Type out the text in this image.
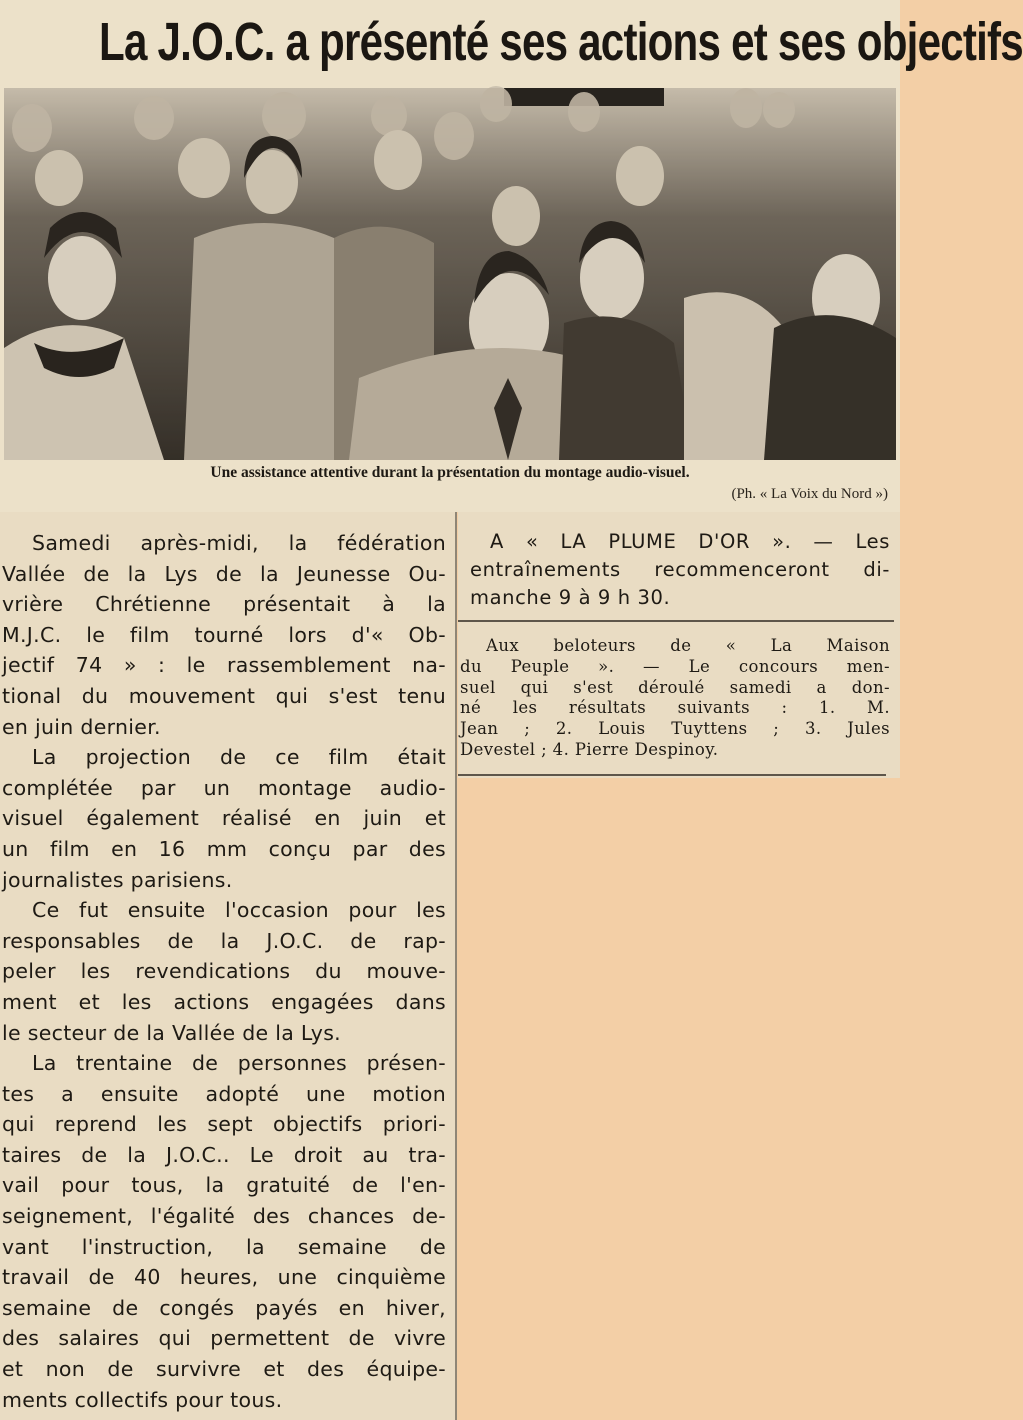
La J.O.C. a présenté ses actions et ses objectifs
Une assistance attentive durant la présentation du montage audio-visuel.
(Ph. « La Voix du Nord »)
Samedi après-midi, la fédération
Vallée de la Lys de la Jeunesse Ou-
vrière Chrétienne présentait à la
M.J.C. le film tourné lors d'« Ob-
jectif 74 » : le rassemblement na-
tional du mouvement qui s'est tenu
en juin dernier.
La projection de ce film était
complétée par un montage audio-
visuel également réalisé en juin et
un film en 16 mm conçu par des
journalistes parisiens.
Ce fut ensuite l'occasion pour les
responsables de la J.O.C. de rap-
peler les revendications du mouve-
ment et les actions engagées dans
le secteur de la Vallée de la Lys.
La trentaine de personnes présen-
tes a ensuite adopté une motion
qui reprend les sept objectifs priori-
taires de la J.O.C.. Le droit au tra-
vail pour tous, la gratuité de l'en-
seignement, l'égalité des chances de-
vant l'instruction, la semaine de
travail de 40 heures, une cinquième
semaine de congés payés en hiver,
des salaires qui permettent de vivre
et non de survivre et des équipe-
ments collectifs pour tous.
A « LA PLUME D'OR ». — Les
entraînements recommenceront di-
manche 9 à 9 h 30.
Aux beloteurs de « La Maison
du Peuple ». — Le concours men-
suel qui s'est déroulé samedi a don-
né les résultats suivants : 1. M.
Jean ; 2. Louis Tuyttens ; 3. Jules
Devestel ; 4. Pierre Despinoy.
